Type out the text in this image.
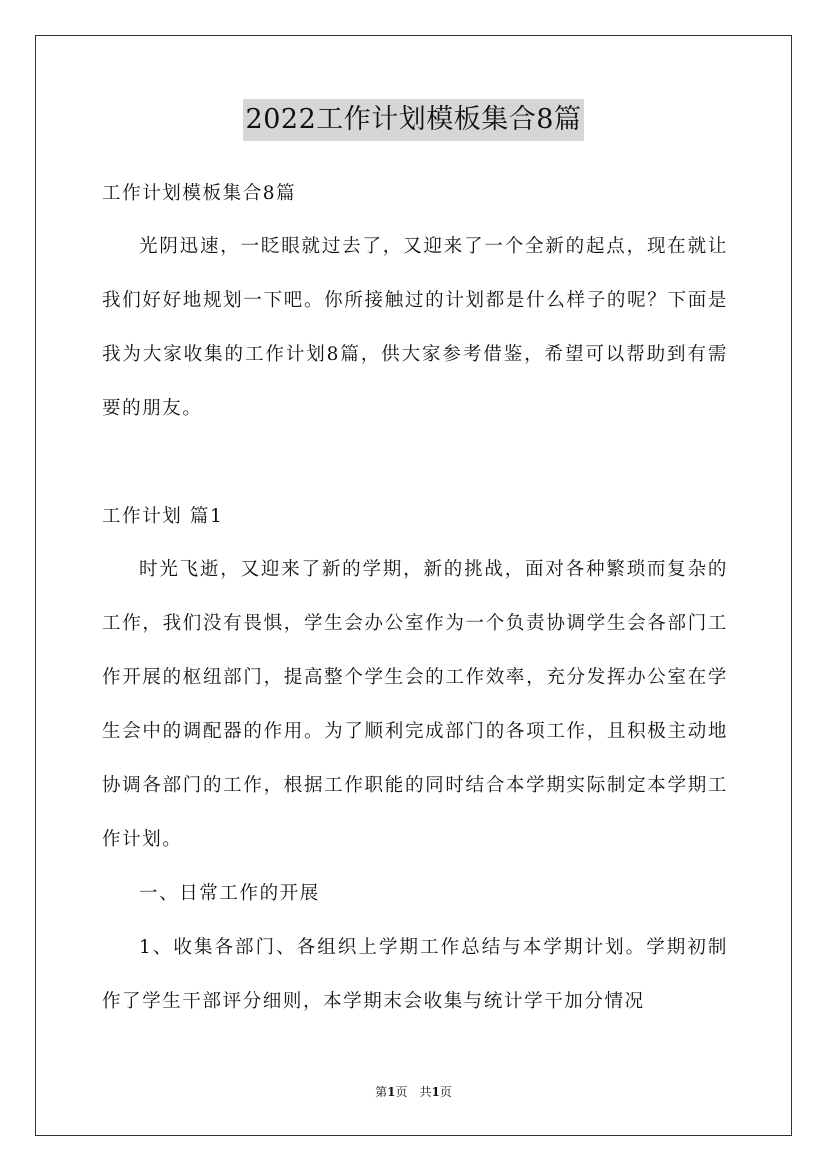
2022工作计划模板集合8篇

工作计划模板集合8篇

光阴迅速，一眨眼就过去了，又迎来了一个全新的起点，现在就让我们好好地规划一下吧。你所接触过的计划都是什么样子的呢？下面是我为大家收集的工作计划8篇，供大家参考借鉴，希望可以帮助到有需要的朋友。

工作计划 篇1

时光飞逝，又迎来了新的学期，新的挑战，面对各种繁琐而复杂的工作，我们没有畏惧，学生会办公室作为一个负责协调学生会各部门工作开展的枢纽部门，提高整个学生会的工作效率，充分发挥办公室在学生会中的调配器的作用。为了顺利完成部门的各项工作，且积极主动地协调各部门的工作，根据工作职能的同时结合本学期实际制定本学期工作计划。

一、日常工作的开展

1、收集各部门、各组织上学期工作总结与本学期计划。学期初制作了学生干部评分细则，本学期末会收集与统计学干加分情况

第1页　共1页
